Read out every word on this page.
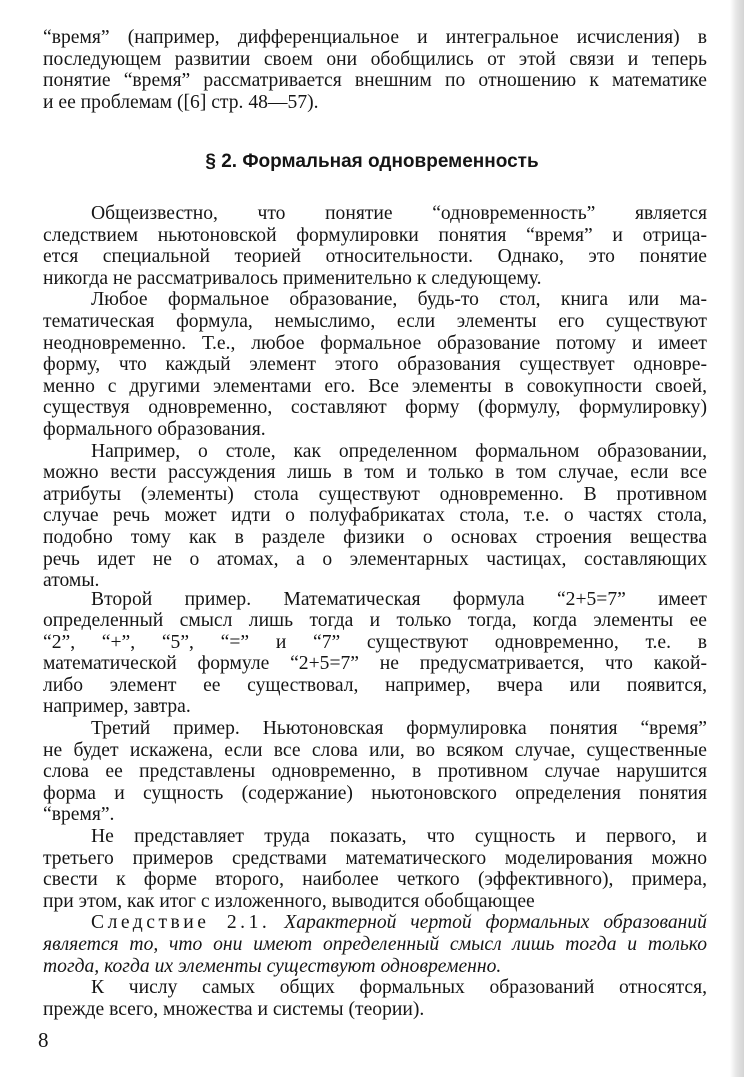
“время” (например, дифференциальное и интегральное исчисления) в
последующем развитии своем они обобщились от этой связи и теперь
понятие “время” рассматривается внешним по отношению к математике
и ее проблемам ([6] стр. 48—57).
§ 2. Формальная одновременность
Общеизвестно, что понятие “одновременность” является
следствием ньютоновской формулировки понятия “время” и отрица-
ется специальной теорией относительности. Однако, это понятие
никогда не рассматривалось применительно к следующему.
Любое формальное образование, будь-то стол, книга или ма-
тематическая формула, немыслимо, если элементы его существуют
неодновременно. Т.е., любое формальное образование потому и имеет
форму, что каждый элемент этого образования существует одновре-
менно с другими элементами его. Все элементы в совокупности своей,
существуя одновременно, составляют форму (формулу, формулировку)
формального образования.
Например, о столе, как определенном формальном образовании,
можно вести рассуждения лишь в том и только в том случае, если все
атрибуты (элементы) стола существуют одновременно. В противном
случае речь может идти о полуфабрикатах стола, т.е. о частях стола,
подобно тому как в разделе физики о основах строения вещества
речь идет не о атомах, а о элементарных частицах, составляющих
атомы.
Второй пример. Математическая формула “2+5=7” имеет
определенный смысл лишь тогда и только тогда, когда элементы ее
“2”, “+”, “5”, “=” и “7” существуют одновременно, т.е. в
математической формуле “2+5=7” не предусматривается, что какой-
либо элемент ее существовал, например, вчера или появится,
например, завтра.
Третий пример. Ньютоновская формулировка понятия “время”
не будет искажена, если все слова или, во всяком случае, существенные
слова ее представлены одновременно, в противном случае нарушится
форма и сущность (содержание) ньютоновского определения понятия
“время”.
Не представляет труда показать, что сущность и первого, и
третьего примеров средствами математического моделирования можно
свести к форме второго, наиболее четкого (эффективного), примера,
при этом, как итог с изложенного, выводится обобщающее
Следствие 2.1. Характерной чертой формальных образований
является то, что они имеют определенный смысл лишь тогда и только
тогда, когда их элементы существуют одновременно.
К числу самых общих формальных образований относятся,
прежде всего, множества и системы (теории).
8
